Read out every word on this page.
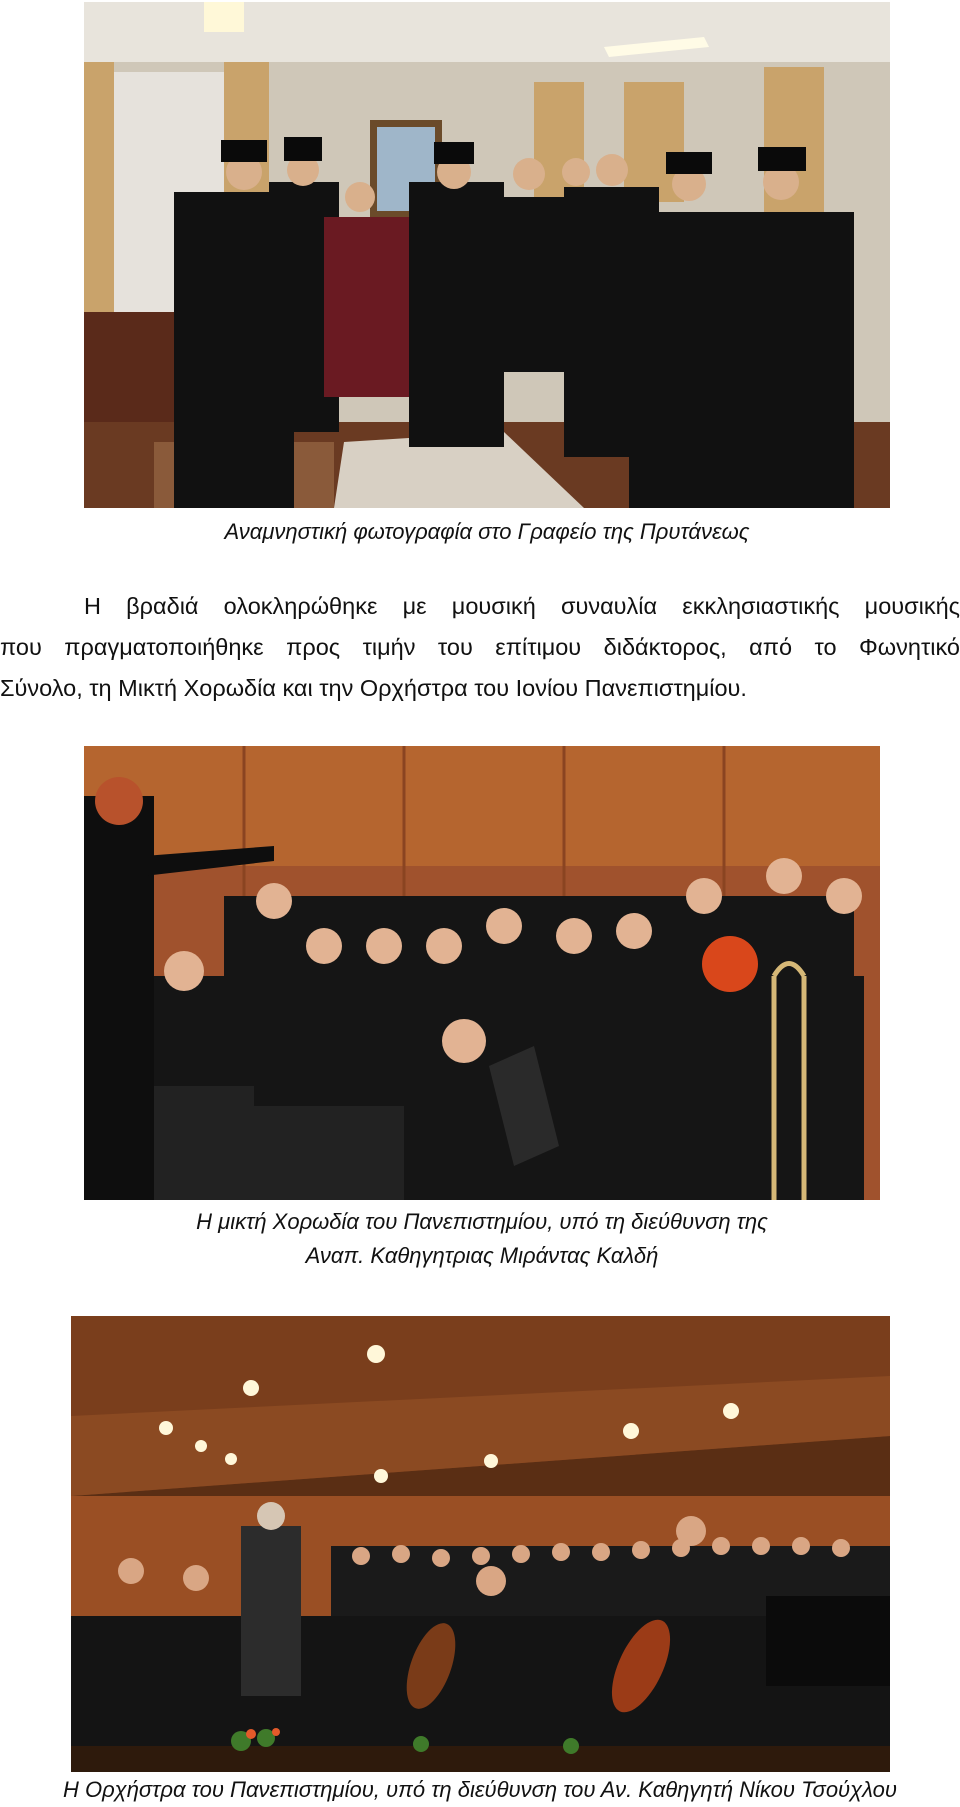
Αναμνηστική φωτογραφία στο Γραφείο της Πρυτάνεως
Η βραδιά ολοκληρώθηκε με μουσική συναυλία εκκλησιαστικής μουσικής
που πραγματοποιήθηκε προς τιμήν του επίτιμου διδάκτορος, από το Φωνητικό
Σύνολο, τη Μικτή Χορωδία και την Ορχήστρα του Ιονίου Πανεπιστημίου.
Η μικτή Χορωδία του Πανεπιστημίου, υπό τη διεύθυνση της
Αναπ. Καθηγητριας Μιράντας Καλδή
Η Ορχήστρα του Πανεπιστημίου, υπό τη διεύθυνση του Αν. Καθηγητή Νίκου Τσούχλου
